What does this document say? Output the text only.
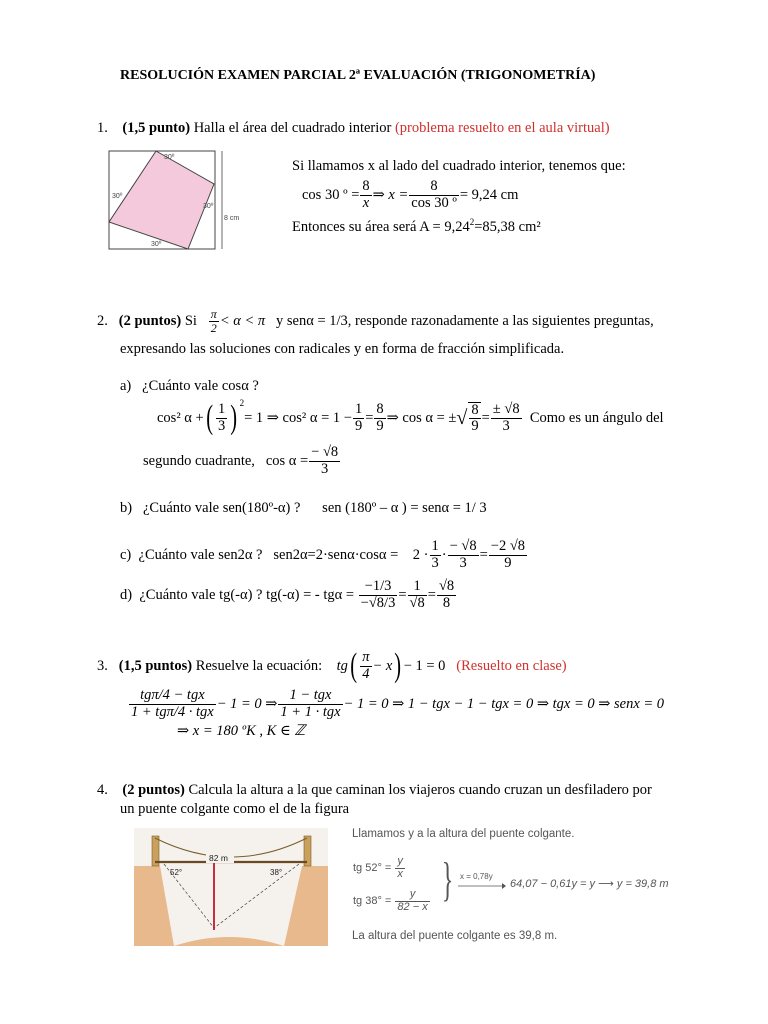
RESOLUCIÓN EXAMEN PARCIAL 2ª EVALUACIÓN (TRIGONOMETRÍA)
1. (1,5 punto) Halla el área del cuadrado interior (problema resuelto en el aula virtual)
30º
30º
30º
30º
8 cm
Si llamamos x al lado del cuadrado interior, tenemos que:
cos 30 º = $\frac{8}{x}$ ⇒ $x = \frac{8}{\text{cos 30 º}} = 9,24$ cm
Entonces su área será $A = 9,24^2=85,38$ cm²
2.
(2 puntos)
Si
$\frac{\pi}{2} < \alpha < \pi$
y senα = 1/3, responde razonadamente a las siguientes preguntas,
expresando las soluciones con radicales y en forma de fracción simplificada.
a) ¿Cuánto vale cosα ?
cos² α + ( $\frac{1}{3}$ ) $^2$
= 1 ⇒ cos² $\alpha = 1 - \frac{1}{9} = \frac{8}{9}$ ⇒ cos α = ± √ $\frac{8}{9} = \frac{\pm √8}{3}$
Como es un ángulo del
segundo cuadrante,
$\cos \alpha = \frac{- √8}{3}$
b) ¿Cuánto vale sen(180º-α) ? sen (180º – α ) = senα = 1/ 3
c)
¿Cuánto vale sen2α ?
sen2α=2·senα·cosα =
$2 \cdot \frac{1}{3} \cdot \frac{- √8}{3} = \frac{-2 √8}{9}$
d)
¿Cuánto vale tg(-α) ? tg(-α) = - tgα =
$\frac{-1/3}{-√8/3} = \frac{1}{√8} = \frac{√8}{8}$
3.
(1,5 puntos)
Resuelve la ecuación:
tg ( $\frac{\pi}{4} - x$ ) − 1 = 0
(Resuelto en clase)
$\frac{\text{tgπ/4 − tgx}}{\text{1 + tgπ/4 · tgx}} - 1 = 0$ ⇒ $\frac{\text{1 − tgx}}{\text{1 + 1 · tgx}} - 1 = 0$ ⇒ 1 − tgx − 1 − tgx = 0 ⇒ tgx = 0 ⇒ senx = 0
⇒ x = 180 ºK , K ∈ ℤ
4. (2 puntos) Calcula la altura a la que caminan los viajeros cuando cruzan un desfiladero por
un puente colgante como el de la figura
82 m
52°	38°
Llamamos y a la altura del puente colgante.
tg 52° =
$\frac{y}{x}$
tg 38° =
$\frac{y}{82 - x}$ } x = 0,78y
64,07 − 0,61y = y ⟶ y = 39,8 m
La altura del puente colgante es 39,8 m.
